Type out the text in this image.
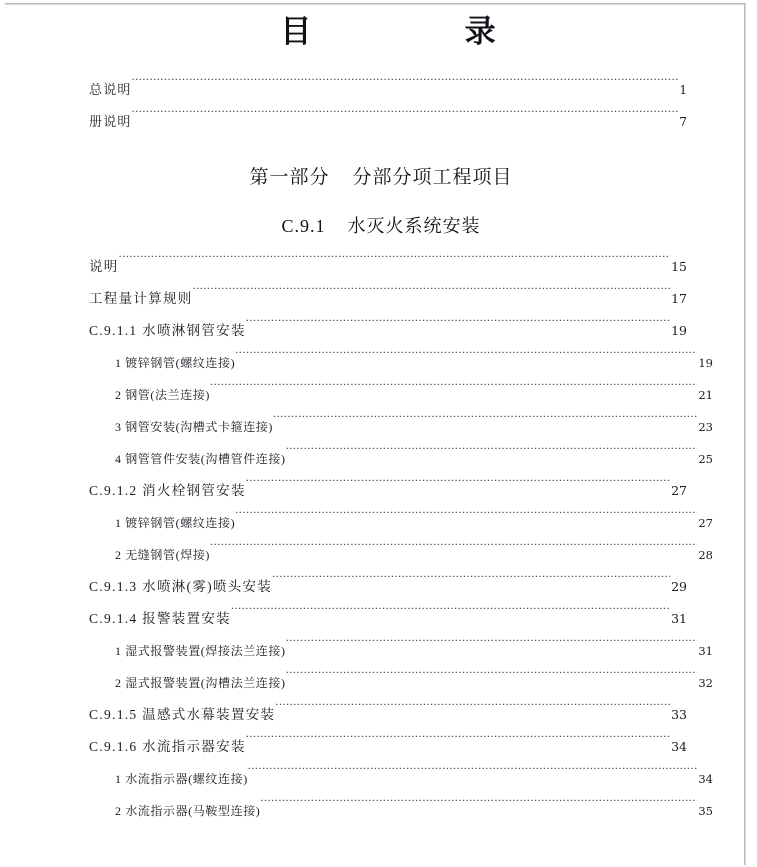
目    录
总说明 .....	1
册说明 .....	7
第一部分    分部分项工程项目
C.9.1    水灭火系统安装
说明 .....	15
工程量计算规则 .....	17
C.9.1.1 水喷淋钢管安装 .....	19
1 镀锌钢管(螺纹连接) .....	19
2 钢管(法兰连接) .....	21
3 钢管安装(沟槽式卡箍连接) .....	23
4 钢管管件安装(沟槽管件连接) .....	25
C.9.1.2 消火栓钢管安装 .....	27
1 镀锌钢管(螺纹连接) .....	27
2 无缝钢管(焊接) .....	28
C.9.1.3 水喷淋(雾)喷头安装 .....	29
C.9.1.4 报警装置安装 .....	31
1 湿式报警装置(焊接法兰连接) .....	31
2 湿式报警装置(沟槽法兰连接) .....	32
C.9.1.5 温感式水幕装置安装 .....	33
C.9.1.6 水流指示器安装 .....	34
1 水流指示器(螺纹连接) .....	34
2 水流指示器(马鞍型连接) .....	35
